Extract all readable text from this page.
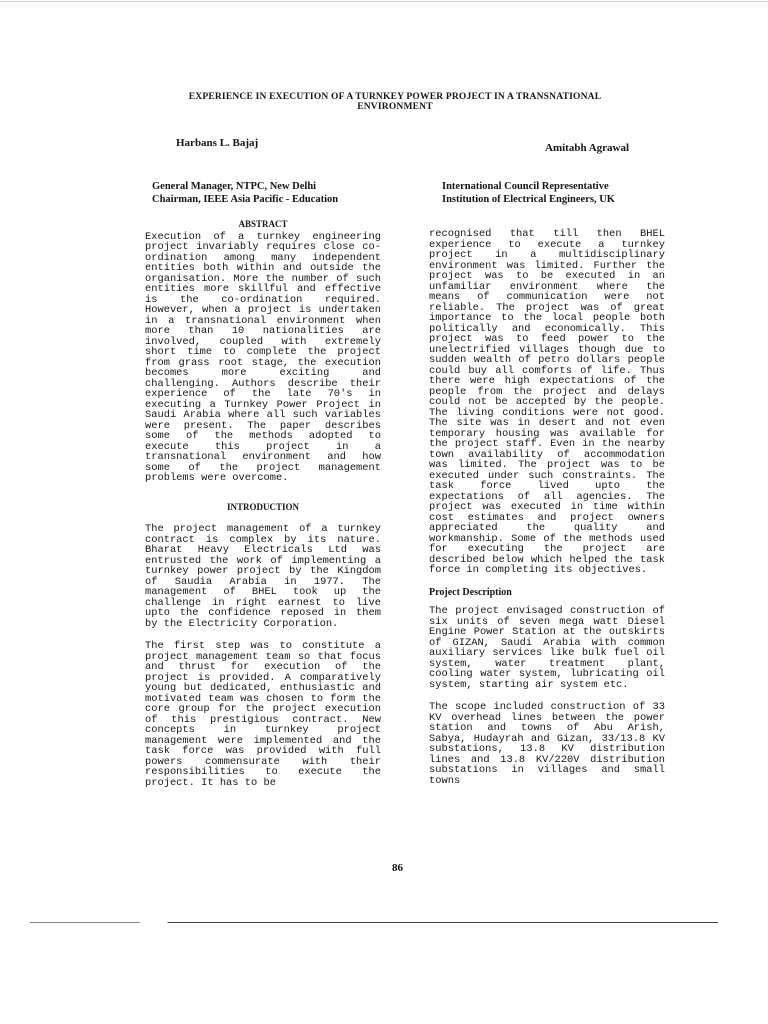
EXPERIENCE IN EXECUTION OF A TURNKEY POWER PROJECT IN A TRANSNATIONAL ENVIRONMENT
Harbans L. Bajaj	Amitabh Agrawal
General Manager, NTPC, New Delhi
Chairman, IEEE Asia Pacific - Education
International Council Representative
Institution of Electrical Engineers, UK
ABSTRACT

Execution of a turnkey engineering project invariably requires close co-ordination among many independent entities both within and outside the organisation. More the number of such entities more skillful and effective is the co-ordination required. However, when a project is undertaken in a transnational environment when more than 10 nationalities are involved, coupled with extremely short time to complete the project from grass root stage, the execution becomes more exciting and challenging. Authors describe their experience of the late 70's in executing a Turnkey Power Project in Saudi Arabia where all such variables were present. The paper describes some of the methods adopted to execute this project in a transnational environment and how some of the project management problems were overcome.

INTRODUCTION

The project management of a turnkey contract is complex by its nature. Bharat Heavy Electricals Ltd was entrusted the work of implementing a turnkey power project by the Kingdom of Saudia Arabia in 1977. The management of BHEL took up the challenge in right earnest to live upto the confidence reposed in them by the Electricity Corporation.

The first step was to constitute a project management team so that focus and thrust for execution of the project is provided. A comparatively young but dedicated, enthusiastic and motivated team was chosen to form the core group for the project execution of this prestigious contract. New concepts in turnkey project management were implemented and the task force was provided with full powers commensurate with their responsibilities to execute the project. It has to be

recognised that till then BHEL experience to execute a turnkey project in a multidisciplinary environment was limited. Further the project was to be executed in an unfamiliar environment where the means of communication were not reliable. The project was of great importance to the local people both politically and economically. This project was to feed power to the unelectrified villages though due to sudden wealth of petro dollars people could buy all comforts of life. Thus there were high expectations of the people from the project and delays could not be accepted by the people. The living conditions were not good. The site was in desert and not even temporary housing was available for the project staff. Even in the nearby town availability of accommodation was limited. The project was to be executed under such constraints. The task force lived upto the expectations of all agencies. The project was executed in time within cost estimates and project owners appreciated the quality and workmanship. Some of the methods used for executing the project are described below which helped the task force in completing its objectives.

Project Description

The project envisaged construction of six units of seven mega watt Diesel Engine Power Station at the outskirts of GIZAN, Saudi Arabia with common auxiliary services like bulk fuel oil system, water treatment plant, cooling water system, lubricating oil system, starting air system etc.

The scope included construction of 33 KV overhead lines between the power station and towns of Abu Arish, Sabya, Hudayrah and Gizan, 33/13.8 KV substations, 13.8 KV distribution lines and 13.8 KV/220V distribution substations in villages and small towns

86
